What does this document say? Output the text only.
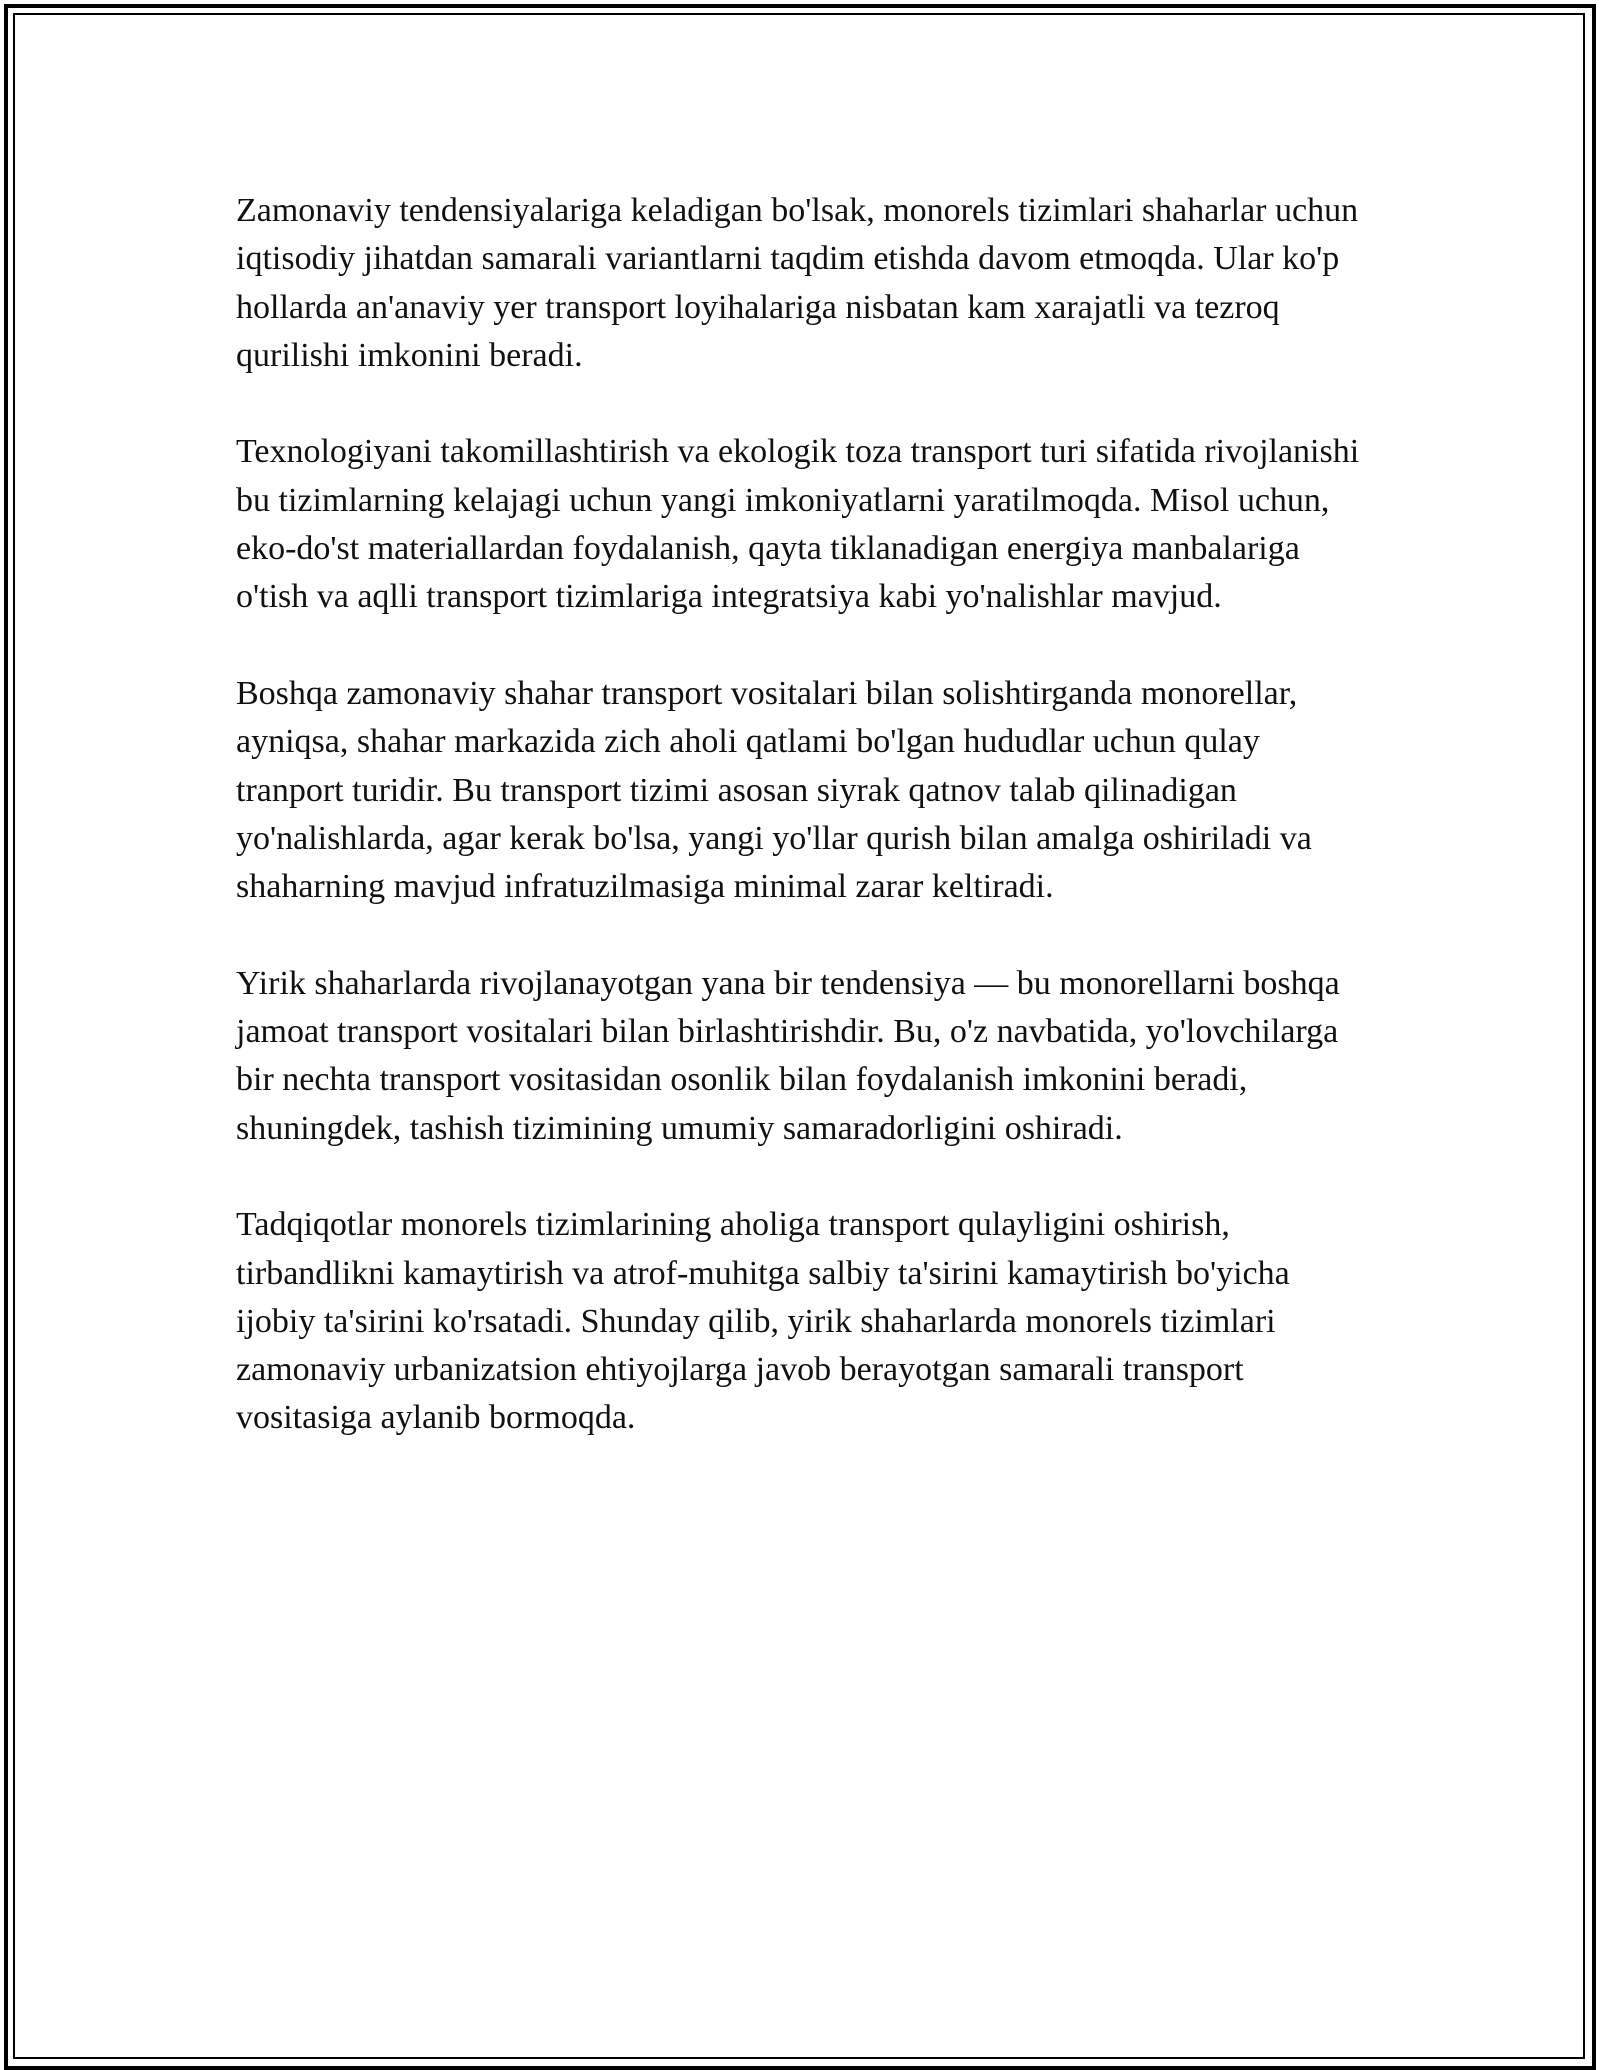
Zamonaviy tendensiyalariga keladigan bo'lsak, monorels tizimlari shaharlar uchun iqtisodiy jihatdan samarali variantlarni taqdim etishda davom etmoqda. Ular ko'p hollarda an'anaviy yer transport loyihalariga nisbatan kam xarajatli va tezroq qurilishi imkonini beradi.

Texnologiyani takomillashtirish va ekologik toza transport turi sifatida rivojlanishi bu tizimlarning kelajagi uchun yangi imkoniyatlarni yaratilmoqda. Misol uchun, eko-do'st materiallardan foydalanish, qayta tiklanadigan energiya manbalariga o'tish va aqlli transport tizimlariga integratsiya kabi yo'nalishlar mavjud.

Boshqa zamonaviy shahar transport vositalari bilan solishtirganda monorellar, ayniqsa, shahar markazida zich aholi qatlami bo'lgan hududlar uchun qulay tranport turidir. Bu transport tizimi asosan siyrak qatnov talab qilinadigan yo'nalishlarda, agar kerak bo'lsa, yangi yo'llar qurish bilan amalga oshiriladi va shaharning mavjud infratuzilmasiga minimal zarar keltiradi.

Yirik shaharlarda rivojlanayotgan yana bir tendensiya — bu monorellarni boshqa jamoat transport vositalari bilan birlashtirishdir. Bu, o'z navbatida, yo'lovchilarga bir nechta transport vositasidan osonlik bilan foydalanish imkonini beradi, shuningdek, tashish tizimining umumiy samaradorligini oshiradi.

Tadqiqotlar monorels tizimlarining aholiga transport qulayligini oshirish, tirbandlikni kamaytirish va atrof-muhitga salbiy ta'sirini kamaytirish bo'yicha ijobiy ta'sirini ko'rsatadi. Shunday qilib, yirik shaharlarda monorels tizimlari zamonaviy urbanizatsion ehtiyojlarga javob berayotgan samarali transport vositasiga aylanib bormoqda.
